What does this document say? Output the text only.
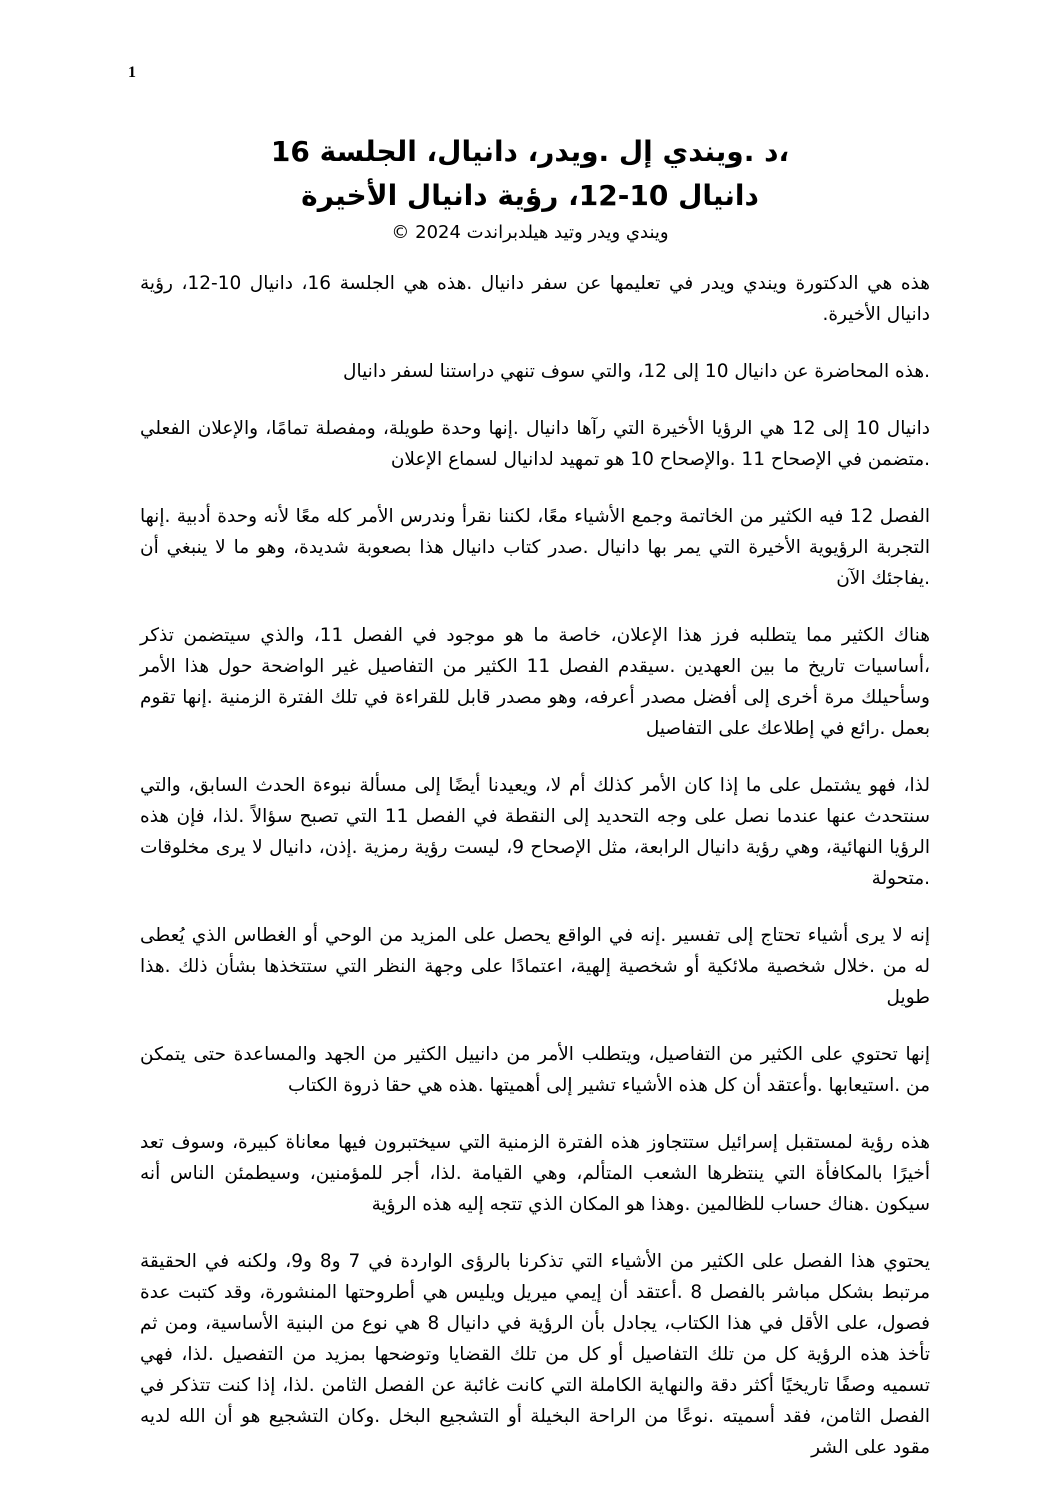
1

،د .ويندي إل .ويدر، دانيال، الجلسة 16

دانيال 10-12، رؤية دانيال الأخيرة

ويندي ويدر وتيد هيلدبراندت 2024 ©

هذه هي الدكتورة ويندي ويدر في تعليمها عن سفر دانيال .هذه هي الجلسة 16، دانيال 10-12، رؤية دانيال الأخيرة.

.هذه المحاضرة عن دانيال 10 إلى 12، والتي سوف تنهي دراستنا لسفر دانيال

دانيال 10 إلى 12 هي الرؤيا الأخيرة التي رآها دانيال .إنها وحدة طويلة، ومفصلة تمامًا، والإعلان الفعلي .متضمن في الإصحاح 11 .والإصحاح 10 هو تمهيد لدانيال لسماع الإعلان

الفصل 12 فيه الكثير من الخاتمة وجمع الأشياء معًا، لكننا نقرأ وندرس الأمر كله معًا لأنه وحدة أدبية .إنها التجربة الرؤيوية الأخيرة التي يمر بها دانيال .صدر كتاب دانيال هذا بصعوبة شديدة، وهو ما لا ينبغي أن .يفاجئك الآن

هناك الكثير مما يتطلبه فرز هذا الإعلان، خاصة ما هو موجود في الفصل 11، والذي سيتضمن تذكر ،أساسيات تاريخ ما بين العهدين .سيقدم الفصل 11 الكثير من التفاصيل غير الواضحة حول هذا الأمر وسأحيلك مرة أخرى إلى أفضل مصدر أعرفه، وهو مصدر قابل للقراءة في تلك الفترة الزمنية .إنها تقوم بعمل .رائع في إطلاعك على التفاصيل

لذا، فهو يشتمل على ما إذا كان الأمر كذلك أم لا، ويعيدنا أيضًا إلى مسألة نبوءة الحدث السابق، والتي سنتحدث عنها عندما نصل على وجه التحديد إلى النقطة في الفصل 11 التي تصبح سؤالاً .لذا، فإن هذه الرؤيا النهائية، وهي رؤية دانيال الرابعة، مثل الإصحاح 9، ليست رؤية رمزية .إذن، دانيال لا يرى مخلوقات .متحولة

إنه لا يرى أشياء تحتاج إلى تفسير .إنه في الواقع يحصل على المزيد من الوحي أو الغطاس الذي يُعطى له من .خلال شخصية ملائكية أو شخصية إلهية، اعتمادًا على وجهة النظر التي ستتخذها بشأن ذلك .هذا طويل

إنها تحتوي على الكثير من التفاصيل، ويتطلب الأمر من دانييل الكثير من الجهد والمساعدة حتى يتمكن من .استيعابها .وأعتقد أن كل هذه الأشياء تشير إلى أهميتها .هذه هي حقا ذروة الكتاب

هذه رؤية لمستقبل إسرائيل ستتجاوز هذه الفترة الزمنية التي سيختبرون فيها معاناة كبيرة، وسوف تعد أخيرًا بالمكافأة التي ينتظرها الشعب المتألم، وهي القيامة .لذا، أجر للمؤمنين، وسيطمئن الناس أنه سيكون .هناك حساب للظالمين .وهذا هو المكان الذي تتجه إليه هذه الرؤية

يحتوي هذا الفصل على الكثير من الأشياء التي تذكرنا بالرؤى الواردة في 7 و8 و9، ولكنه في الحقيقة مرتبط بشكل مباشر بالفصل 8 .أعتقد أن إيمي ميريل ويليس هي أطروحتها المنشورة، وقد كتبت عدة فصول، على الأقل في هذا الكتاب، يجادل بأن الرؤية في دانيال 8 هي نوع من البنية الأساسية، ومن ثم تأخذ هذه الرؤية كل من تلك التفاصيل أو كل من تلك القضايا وتوضحها بمزيد من التفصيل .لذا، فهي تسميه وصفًا تاريخيًا أكثر دقة والنهاية الكاملة التي كانت غائبة عن الفصل الثامن .لذا، إذا كنت تتذكر في الفصل الثامن، فقد أسميته .نوعًا من الراحة البخيلة أو التشجيع البخل .وكان التشجيع هو أن الله لديه مقود على الشر
